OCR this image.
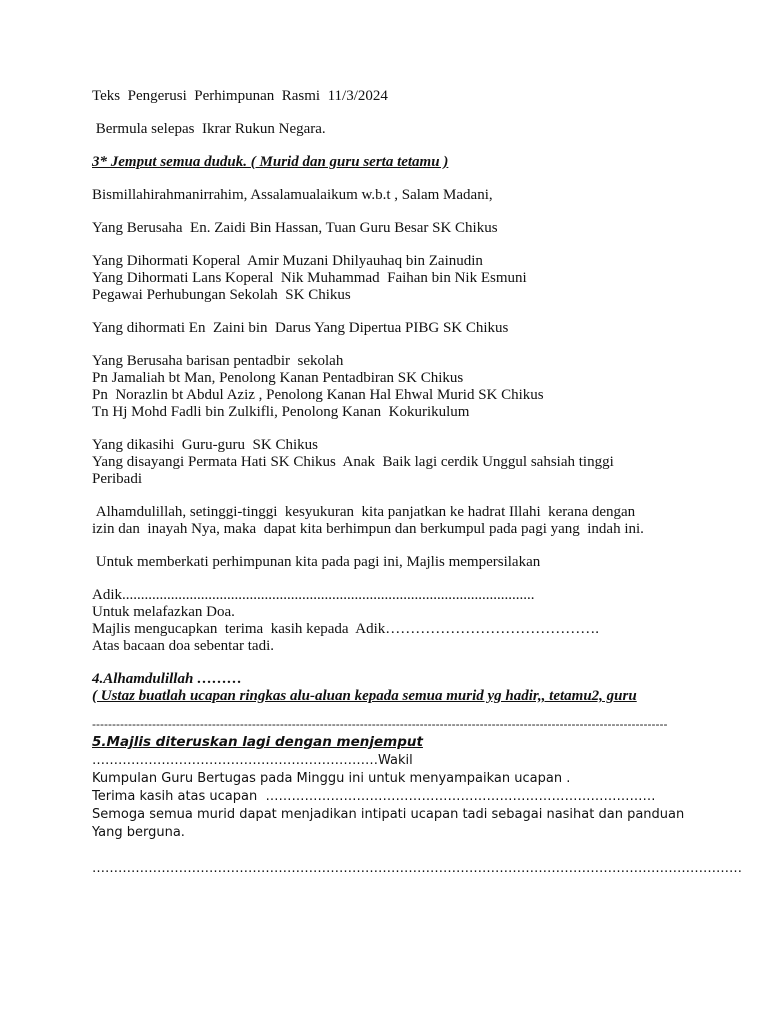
Teks  Pengerusi  Perhimpunan  Rasmi  11/3/2024

Bermula selepas  Ikrar Rukun Negara.

3* Jemput semua duduk. ( Murid dan guru serta tetamu )

Bismillahirahmanirrahim, Assalamualaikum w.b.t , Salam Madani,

Yang Berusaha  En. Zaidi Bin Hassan, Tuan Guru Besar SK Chikus

Yang Dihormati Koperal  Amir Muzani Dhilyauhaq bin Zainudin

Yang Dihormati Lans Koperal  Nik Muhammad  Faihan bin Nik Esmuni

Pegawai Perhubungan Sekolah  SK Chikus

Yang dihormati En  Zaini bin  Darus Yang Dipertua PIBG SK Chikus

Yang Berusaha barisan pentadbir  sekolah

Pn Jamaliah bt Man, Penolong Kanan Pentadbiran SK Chikus

Pn  Norazlin bt Abdul Aziz , Penolong Kanan Hal Ehwal Murid SK Chikus

Tn Hj Mohd Fadli bin Zulkifli, Penolong Kanan  Kokurikulum

Yang dikasihi  Guru-guru  SK Chikus

Yang disayangi Permata Hati SK Chikus  Anak  Baik lagi cerdik Unggul sahsiah tinggi

Peribadi

Alhamdulillah, setinggi-tinggi  kesyukuran  kita panjatkan ke hadrat Illahi  kerana dengan

izin dan  inayah Nya, maka  dapat kita berhimpun dan berkumpul pada pagi yang  indah ini.

Untuk memberkati perhimpunan kita pada pagi ini, Majlis mempersilakan

Adik..............................................................................................................

Untuk melafazkan Doa.

Majlis mengucapkan  terima  kasih kepada  Adik…………………………………….

Atas bacaan doa sebentar tadi.

4.Alhamdulillah ………

( Ustaz buatlah ucapan ringkas alu-aluan kepada semua murid yg hadir,, tetamu2, guru

------------------------------------------------------------------------------------------------------------------------------------------------

5.Majlis diteruskan lagi dengan menjemput  …………………………………………………………Wakil

Kumpulan Guru Bertugas pada Minggu ini untuk menyampaikan ucapan .

Terima kasih atas ucapan  ………………………………………………………………………………

Semoga semua murid dapat menjadikan intipati ucapan tadi sebagai nasihat dan panduan

Yang berguna.

……………………………………………………………………………………………………………………………………
